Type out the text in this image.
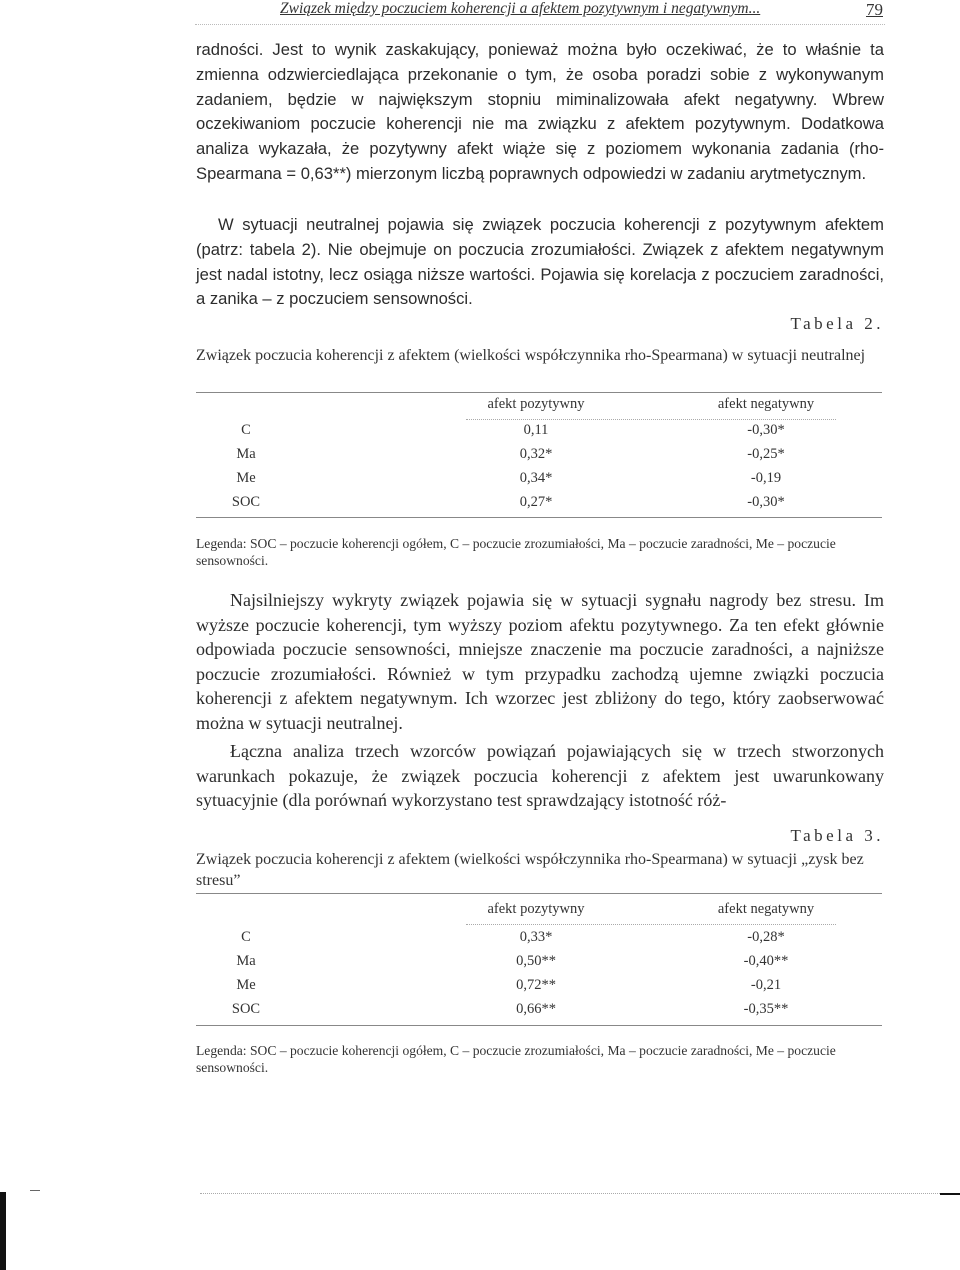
Związek między poczuciem koherencji a afektem pozytywnym i negatywnym...	79
radności. Jest to wynik zaskakujący, ponieważ można było oczekiwać, że to właśnie ta zmienna odzwierciedlająca przekonanie o tym, że osoba poradzi sobie z wykonywanym zadaniem, będzie w największym stopniu miminalizowała afekt negatywny. Wbrew oczekiwaniom poczucie koherencji nie ma związku z afektem pozytywnym. Dodatkowa analiza wykazała, że pozytywny afekt wiąże się z poziomem wykonania zadania (rho-Spearmana = 0,63**) mierzonym liczbą poprawnych odpowiedzi w zadaniu arytmetycznym.
W sytuacji neutralnej pojawia się związek poczucia koherencji z pozytywnym afektem (patrz: tabela 2). Nie obejmuje on poczucia zrozumiałości. Związek z afektem negatywnym jest nadal istotny, lecz osiąga niższe wartości. Pojawia się korelacja z poczuciem zaradności, a zanika – z poczuciem sensowności.
Tabela 2.
Związek poczucia koherencji z afektem (wielkości współczynnika rho-Spearmana) w sytuacji neutralnej
afekt pozytywny	afekt negatywny
C	0,11	-0,30*
Ma	0,32*	-0,25*
Me	0,34*	-0,19
SOC	0,27*	-0,30*
Legenda: SOC – poczucie koherencji ogółem, C – poczucie zrozumiałości, Ma – poczucie zaradności, Me – poczucie sensowności.
Najsilniejszy wykryty związek pojawia się w sytuacji sygnału nagrody bez stresu. Im wyższe poczucie koherencji, tym wyższy poziom afektu pozytywnego. Za ten efekt głównie odpowiada poczucie sensowności, mniejsze znaczenie ma poczucie zaradności, a najniższe poczucie zrozumiałości. Również w tym przypadku zachodzą ujemne związki poczucia koherencji z afektem negatywnym. Ich wzorzec jest zbliżony do tego, który zaobserwować można w sytuacji neutralnej.
Łączna analiza trzech wzorców powiązań pojawiających się w trzech stworzonych warunkach pokazuje, że związek poczucia koherencji z afektem jest uwarunkowany sytuacyjnie (dla porównań wykorzystano test sprawdzający istotność róż-
Tabela 3.
Związek poczucia koherencji z afektem (wielkości współczynnika rho-Spearmana) w sytuacji „zysk bez stresu”
afekt pozytywny	afekt negatywny
C	0,33*	-0,28*
Ma	0,50**	-0,40**
Me	0,72**	-0,21
SOC	0,66**	-0,35**
Legenda: SOC – poczucie koherencji ogółem, C – poczucie zrozumiałości, Ma – poczucie zaradności, Me – poczucie sensowności.
